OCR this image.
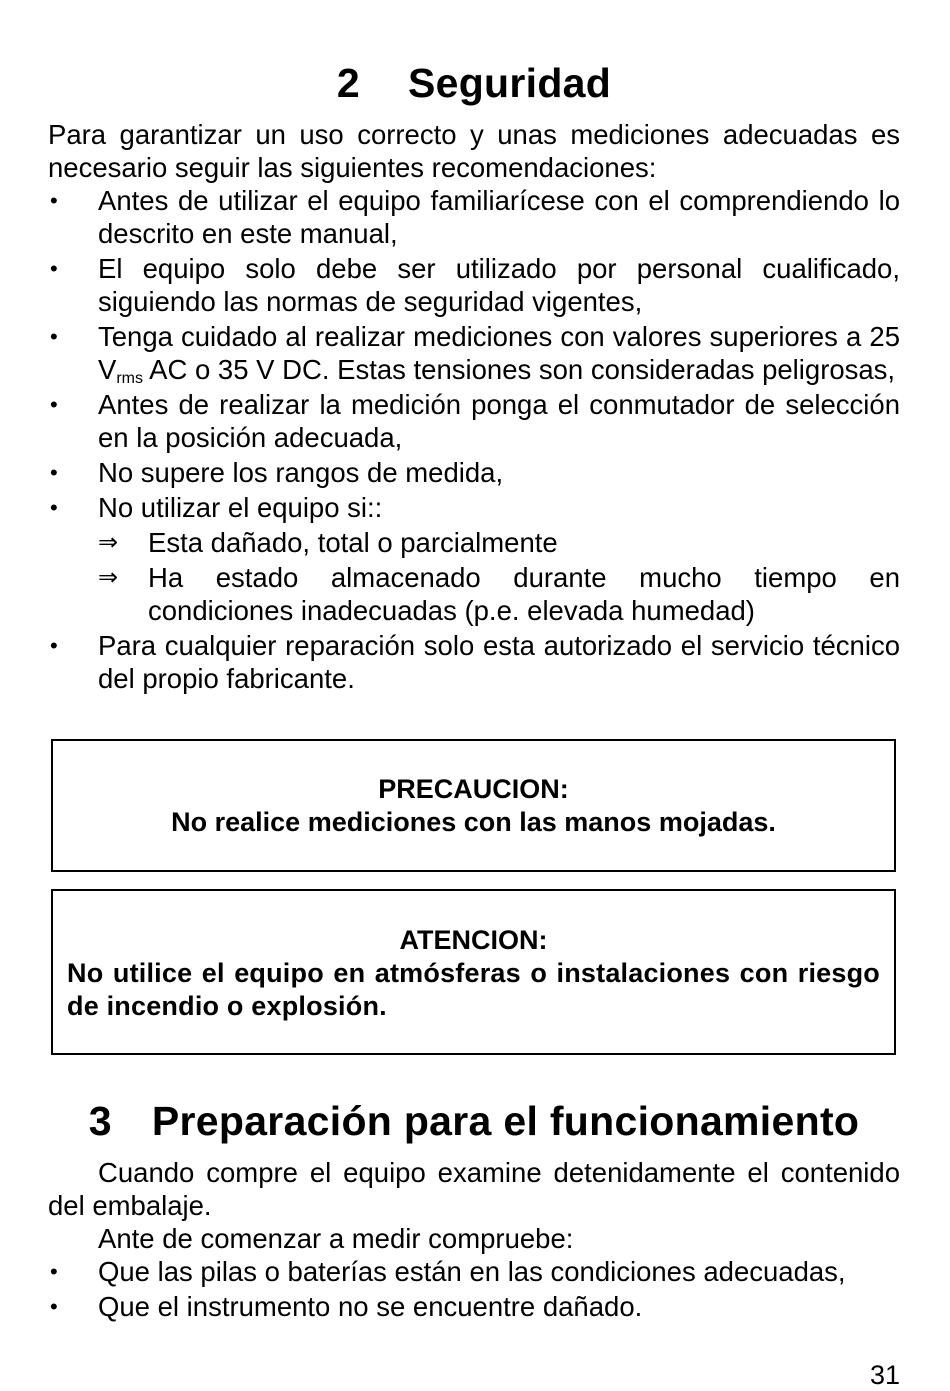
2 Seguridad

Para garantizar un uso correcto y unas mediciones adecuadas es necesario seguir las siguientes recomendaciones:

• Antes de utilizar el equipo familiarícese con el comprendiendo lo descrito en este manual,
• El equipo solo debe ser utilizado por personal cualificado, siguiendo las normas de seguridad vigentes,
• Tenga cuidado al realizar mediciones con valores superiores a 25 $V_{rms}$ AC o 35 V DC. Estas tensiones son consideradas peligrosas,
• Antes de realizar la medición ponga el conmutador de selección en la posición adecuada,
• No supere los rangos de medida,
• No utilizar el equipo si::
⇒ Esta dañado, total o parcialmente
⇒ Ha estado almacenado durante mucho tiempo en condiciones inadecuadas (p.e. elevada humedad)
• Para cualquier reparación solo esta autorizado el servicio técnico del propio fabricante.
PRECAUCION:
No realice mediciones con las manos mojadas.
ATENCION:
No utilice el equipo en atmósferas o instalaciones con riesgo de incendio o explosión.
3 Preparación para el funcionamiento

Cuando compre el equipo examine detenidamente el contenido del embalaje.

Ante de comenzar a medir compruebe:

• Que las pilas o baterías están en las condiciones adecuadas,
• Que el instrumento no se encuentre dañado.
31
